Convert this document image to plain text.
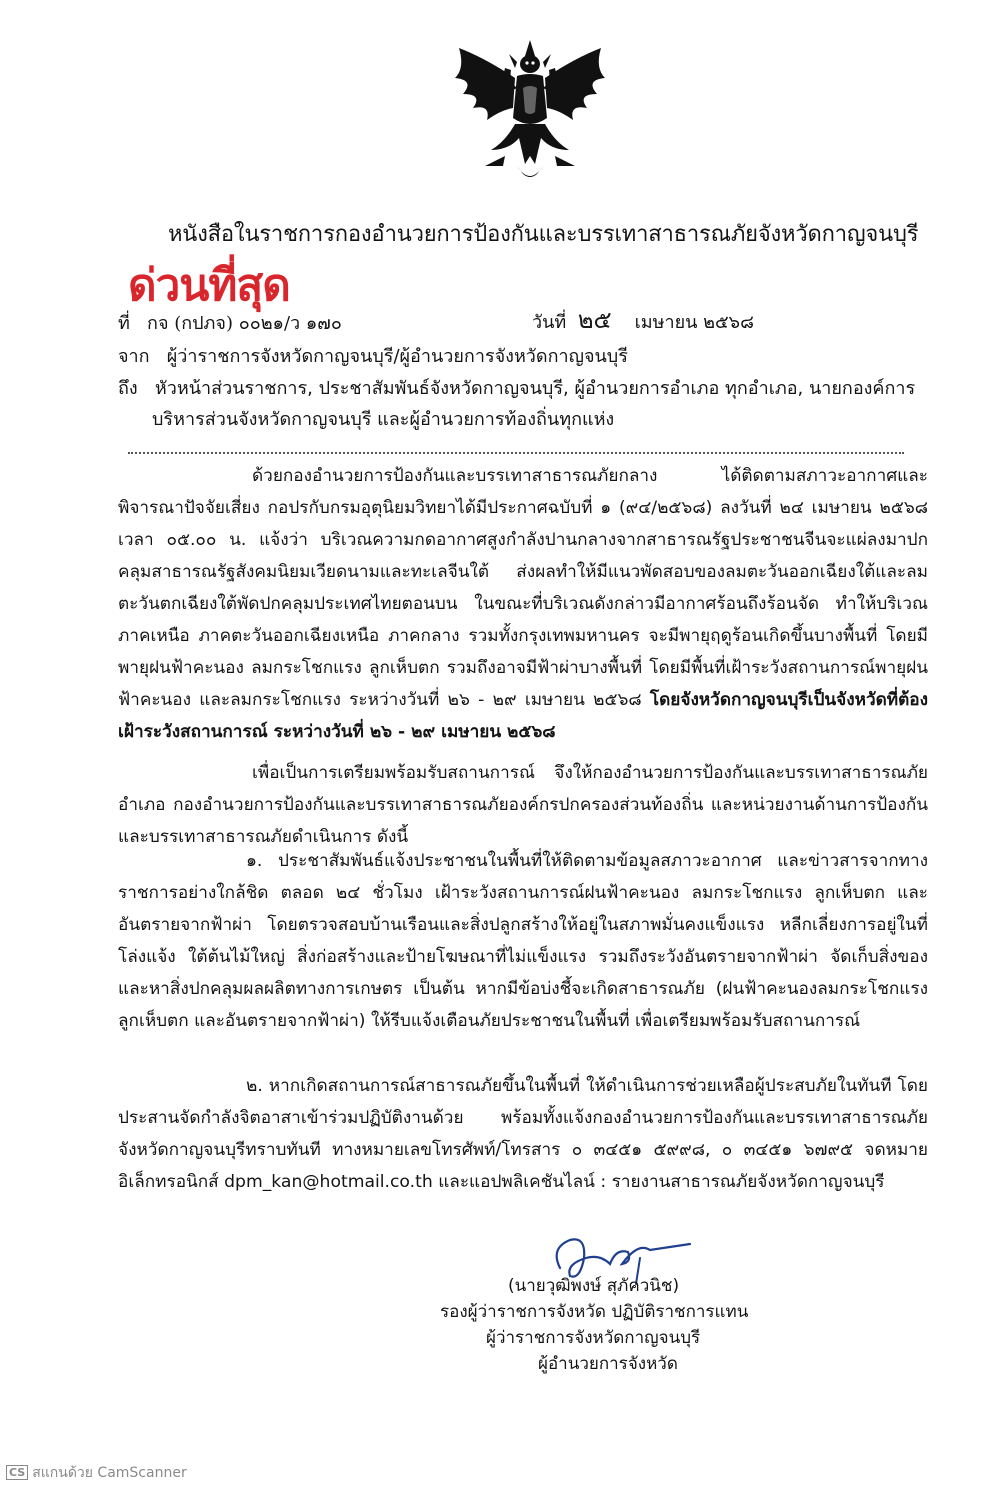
หนังสือในราชการกองอำนวยการป้องกันและบรรเทาสาธารณภัยจังหวัดกาญจนบุรี
ด่วนที่สุด
ที่ กจ (กปภจ) ๐๐๒๑/ว ๑๗๐	วันที่ ๒๕ เมษายน ๒๕๖๘
จาก ผู้ว่าราชการจังหวัดกาญจนบุรี/ผู้อำนวยการจังหวัดกาญจนบุรี
ถึง หัวหน้าส่วนราชการ, ประชาสัมพันธ์จังหวัดกาญจนบุรี, ผู้อำนวยการอำเภอ ทุกอำเภอ, นายกองค์การ
บริหารส่วนจังหวัดกาญจนบุรี และผู้อำนวยการท้องถิ่นทุกแห่ง
ด้วยกองอำนวยการป้องกันและบรรเทาสาธารณภัยกลาง ได้ติดตามสภาวะอากาศและพิจารณาปัจจัยเสี่ยง กอปรกับกรมอุตุนิยมวิทยาได้มีประกาศฉบับที่ ๑ (๙๔/๒๕๖๘) ลงวันที่ ๒๔ เมษายน ๒๕๖๘ เวลา ๐๕.๐๐ น. แจ้งว่า บริเวณความกดอากาศสูงกำลังปานกลางจากสาธารณรัฐประชาชนจีนจะแผ่ลงมาปกคลุมสาธารณรัฐสังคมนิยมเวียดนามและทะเลจีนใต้ ส่งผลทำให้มีแนวพัดสอบของลมตะวันออกเฉียงใต้และลมตะวันตกเฉียงใต้พัดปกคลุมประเทศไทยตอนบน ในขณะที่บริเวณดังกล่าวมีอากาศร้อนถึงร้อนจัด ทำให้บริเวณภาคเหนือ ภาคตะวันออกเฉียงเหนือ ภาคกลาง รวมทั้งกรุงเทพมหานคร จะมีพายุฤดูร้อนเกิดขึ้นบางพื้นที่ โดยมีพายุฝนฟ้าคะนอง ลมกระโชกแรง ลูกเห็บตก รวมถึงอาจมีฟ้าผ่าบางพื้นที่ โดยมีพื้นที่เฝ้าระวังสถานการณ์พายุฝนฟ้าคะนอง และลมกระโชกแรง ระหว่างวันที่ ๒๖ - ๒๙ เมษายน ๒๕๖๘ โดยจังหวัดกาญจนบุรีเป็นจังหวัดที่ต้องเฝ้าระวังสถานการณ์ ระหว่างวันที่ ๒๖ - ๒๙ เมษายน ๒๕๖๘
เพื่อเป็นการเตรียมพร้อมรับสถานการณ์ จึงให้กองอำนวยการป้องกันและบรรเทาสาธารณภัยอำเภอ กองอำนวยการป้องกันและบรรเทาสาธารณภัยองค์กรปกครองส่วนท้องถิ่น และหน่วยงานด้านการป้องกันและบรรเทาสาธารณภัยดำเนินการ ดังนี้
๑. ประชาสัมพันธ์แจ้งประชาชนในพื้นที่ให้ติดตามข้อมูลสภาวะอากาศ และข่าวสารจากทางราชการอย่างใกล้ชิด ตลอด ๒๔ ชั่วโมง เฝ้าระวังสถานการณ์ฝนฟ้าคะนอง ลมกระโชกแรง ลูกเห็บตก และอันตรายจากฟ้าผ่า โดยตรวจสอบบ้านเรือนและสิ่งปลูกสร้างให้อยู่ในสภาพมั่นคงแข็งแรง หลีกเลี่ยงการอยู่ในที่โล่งแจ้ง ใต้ต้นไม้ใหญ่ สิ่งก่อสร้างและป้ายโฆษณาที่ไม่แข็งแรง รวมถึงระวังอันตรายจากฟ้าผ่า จัดเก็บสิ่งของและหาสิ่งปกคลุมผลผลิตทางการเกษตร เป็นต้น หากมีข้อบ่งชี้จะเกิดสาธารณภัย (ฝนฟ้าคะนองลมกระโชกแรง ลูกเห็บตก และอันตรายจากฟ้าผ่า) ให้รีบแจ้งเตือนภัยประชาชนในพื้นที่ เพื่อเตรียมพร้อมรับสถานการณ์
๒. หากเกิดสถานการณ์สาธารณภัยขึ้นในพื้นที่ ให้ดำเนินการช่วยเหลือผู้ประสบภัยในทันที โดยประสานจัดกำลังจิตอาสาเข้าร่วมปฏิบัติงานด้วย พร้อมทั้งแจ้งกองอำนวยการป้องกันและบรรเทาสาธารณภัยจังหวัดกาญจนบุรีทราบทันที ทางหมายเลขโทรศัพท์/โทรสาร ๐ ๓๔๕๑ ๕๙๙๘, ๐ ๓๔๕๑ ๖๗๙๕ จดหมายอิเล็กทรอนิกส์ dpm_kan@hotmail.co.th และแอปพลิเคชันไลน์ : รายงานสาธารณภัยจังหวัดกาญจนบุรี
(นายวุฒิพงษ์ สุภัควนิช)
รองผู้ว่าราชการจังหวัด ปฏิบัติราชการแทน
ผู้ว่าราชการจังหวัดกาญจนบุรี
ผู้อำนวยการจังหวัด
CS สแกนด้วย CamScanner
